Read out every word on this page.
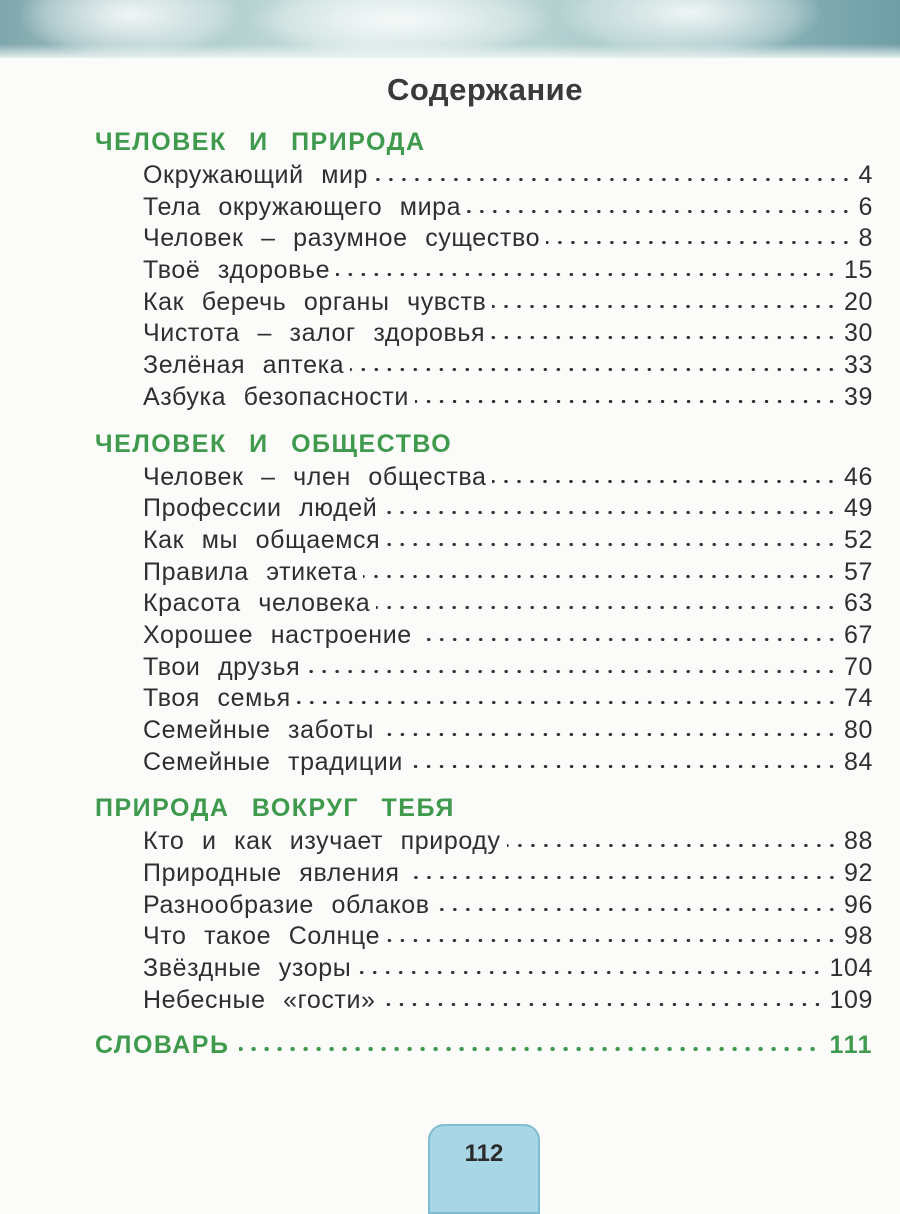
Содержание
ЧЕЛОВЕК И ПРИРОДА
Окружающий мир	4
Тела окружающего мира	6
Человек – разумное существо	8
Твоё здоровье	15
Как беречь органы чувств	20
Чистота – залог здоровья	30
Зелёная аптека	33
Азбука безопасности	39
ЧЕЛОВЕК И ОБЩЕСТВО
Человек – член общества	46
Профессии людей	49
Как мы общаемся	52
Правила этикета	57
Красота человека	63
Хорошее настроение	67
Твои друзья	70
Твоя семья	74
Семейные заботы	80
Семейные традиции	84
ПРИРОДА ВОКРУГ ТЕБЯ
Кто и как изучает природу	88
Природные явления	92
Разнообразие облаков	96
Что такое Солнце	98
Звёздные узоры	104
Небесные «гости»	109
СЛОВАРЬ	111
112
